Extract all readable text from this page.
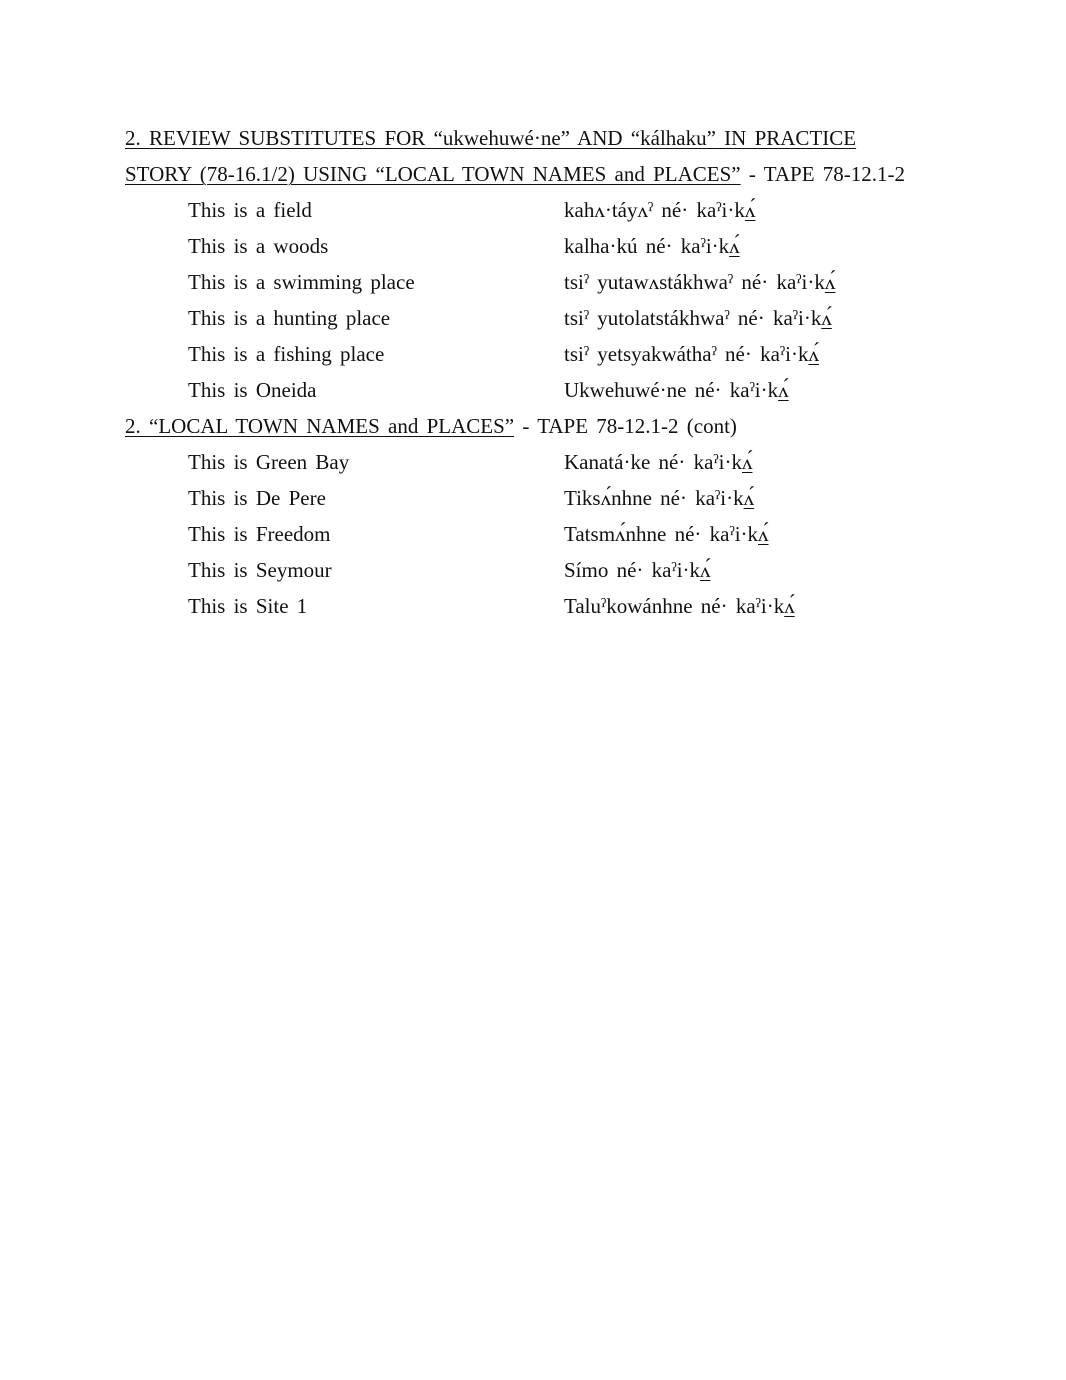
2. REVIEW SUBSTITUTES FOR “ukwehuwé·ne” AND “kálhaku” IN PRACTICE
STORY (78-16.1/2) USING “LOCAL TOWN NAMES and PLACES” - TAPE 78-12.1-2
This is a field	kahʌ·táyʌˀ né· kaˀi·kʌ́
This is a woods	kalha·kú né· kaˀi·kʌ́
This is a swimming place	tsiˀ yutawʌstákhwaˀ né· kaˀi·kʌ́
This is a hunting place	tsiˀ yutolatstákhwaˀ né· kaˀi·kʌ́
This is a fishing place	tsiˀ yetsyakwáthaˀ né· kaˀi·kʌ́
This is Oneida	Ukwehuwé·ne né· kaˀi·kʌ́
2. “LOCAL TOWN NAMES and PLACES” - TAPE 78-12.1-2 (cont)
This is Green Bay	Kanatá·ke né· kaˀi·kʌ́
This is De Pere	Tiksʌ́nhne né· kaˀi·kʌ́
This is Freedom	Tatsmʌ́nhne né· kaˀi·kʌ́
This is Seymour	Símo né· kaˀi·kʌ́
This is Site 1	Taluˀkowánhne né· kaˀi·kʌ́
